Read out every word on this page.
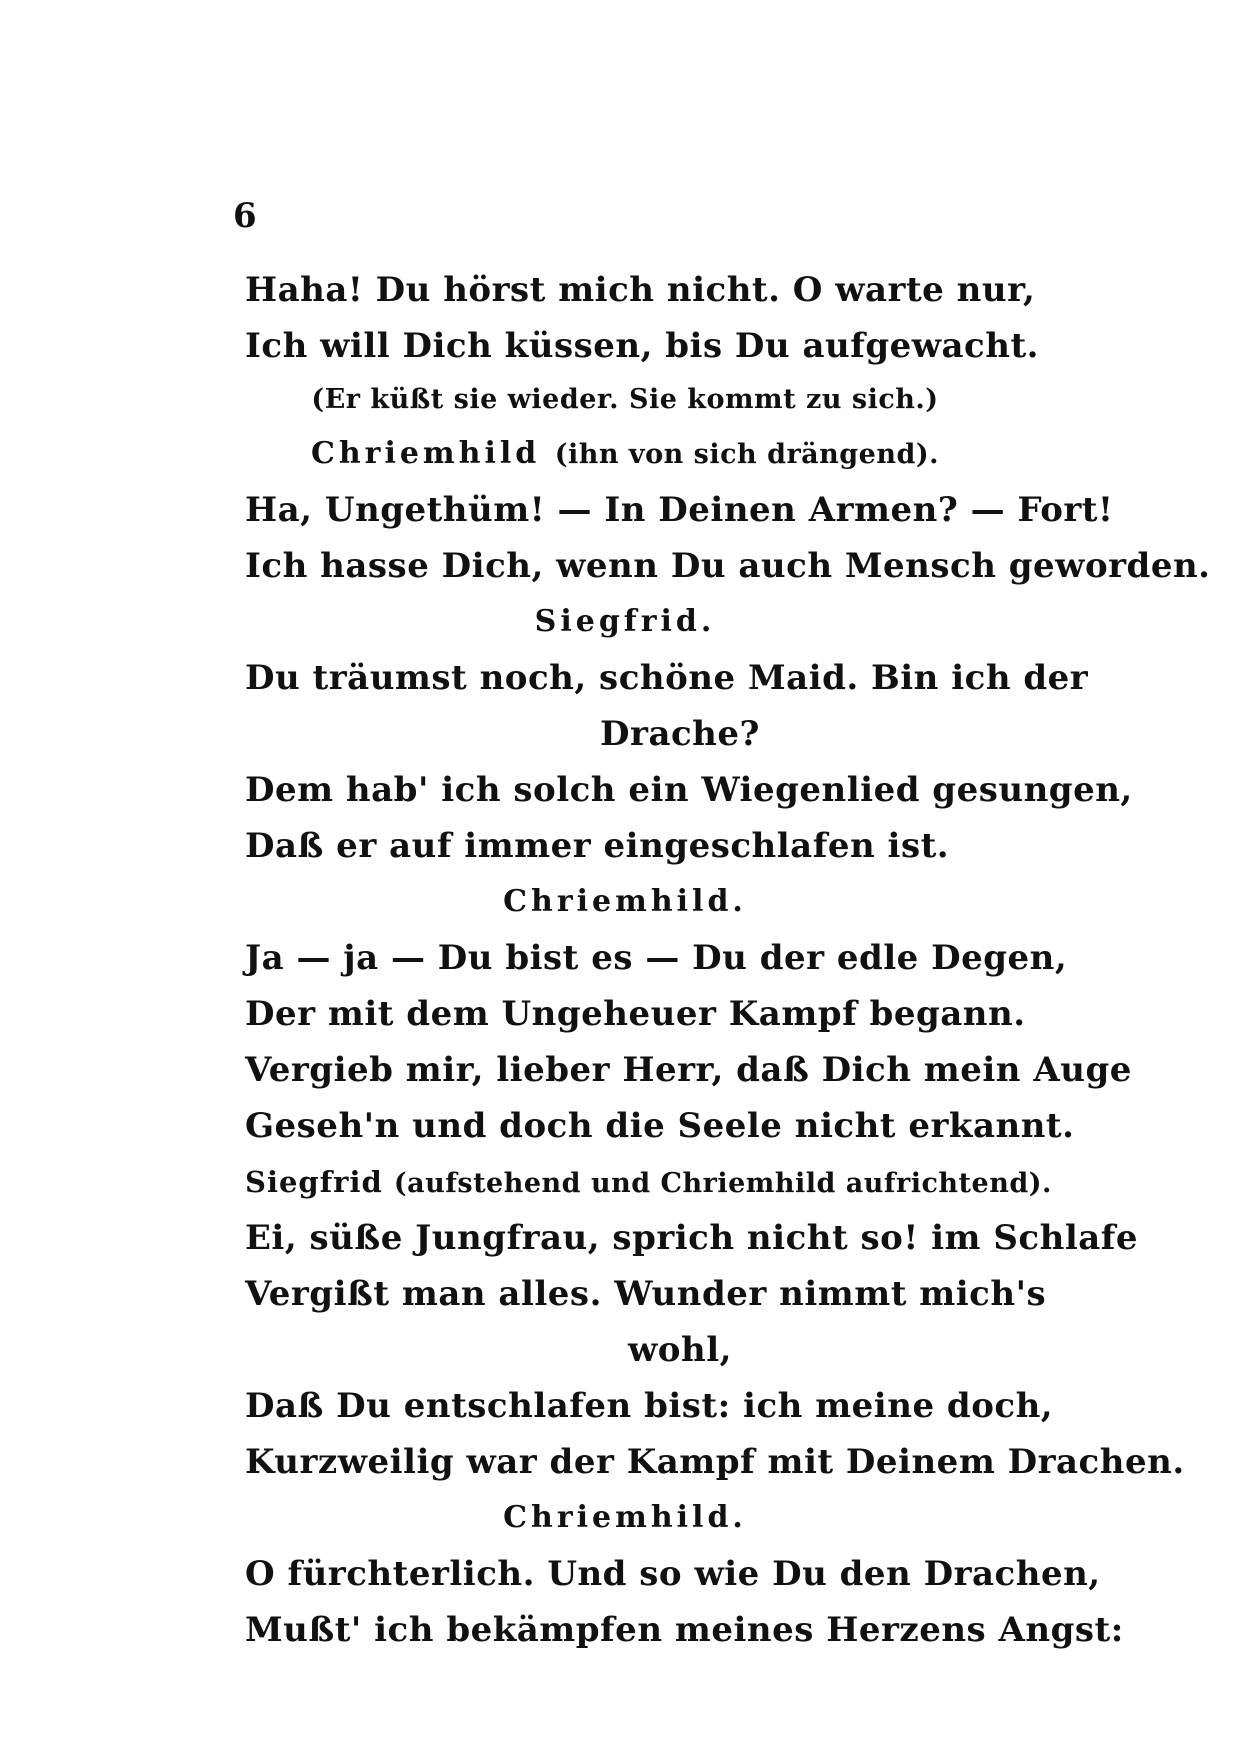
6
Haha! Du hörst mich nicht. O warte nur,
Ich will Dich küssen, bis Du aufgewacht.
(Er küßt sie wieder. Sie kommt zu sich.)
Chriemhild (ihn von sich drängend).
Ha, Ungethüm! — In Deinen Armen? — Fort!
Ich hasse Dich, wenn Du auch Mensch geworden.
Siegfrid.
Du träumst noch, schöne Maid. Bin ich der
Drache?
Dem hab' ich solch ein Wiegenlied gesungen,
Daß er auf immer eingeschlafen ist.
Chriemhild.
Ja — ja — Du bist es — Du der edle Degen,
Der mit dem Ungeheuer Kampf begann.
Vergieb mir, lieber Herr, daß Dich mein Auge
Geseh'n und doch die Seele nicht erkannt.
Siegfrid (aufstehend und Chriemhild aufrichtend).
Ei, süße Jungfrau, sprich nicht so! im Schlafe
Vergißt man alles. Wunder nimmt mich's
wohl,
Daß Du entschlafen bist: ich meine doch,
Kurzweilig war der Kampf mit Deinem Drachen.
Chriemhild.
O fürchterlich. Und so wie Du den Drachen,
Mußt' ich bekämpfen meines Herzens Angst:
